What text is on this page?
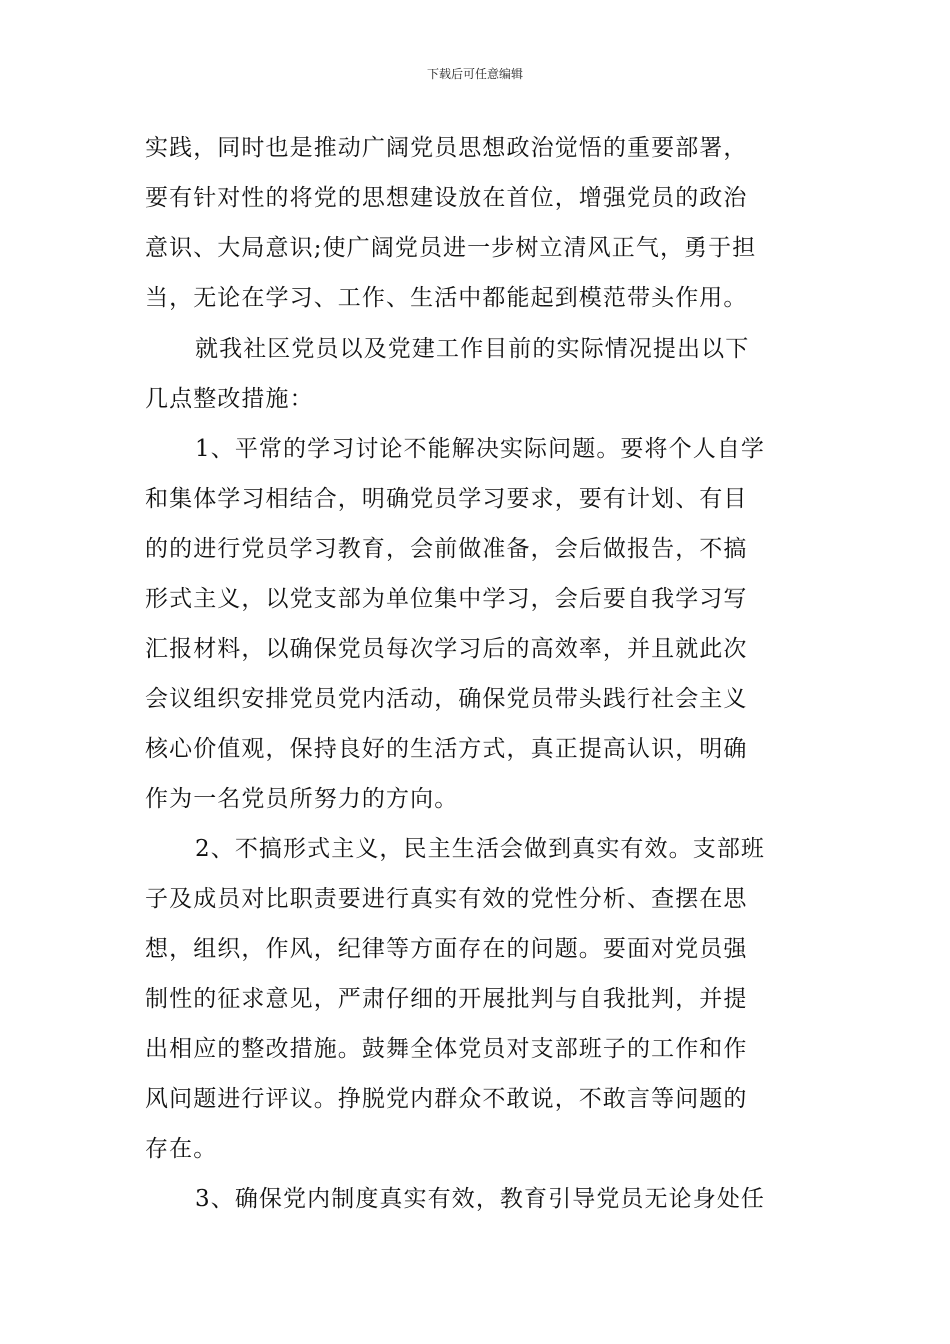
下载后可任意编辑
实践，同时也是推动广阔党员思想政治觉悟的重要部署，
要有针对性的将党的思想建设放在首位，增强党员的政治
意识、大局意识;使广阔党员进一步树立清风正气，勇于担
当，无论在学习、工作、生活中都能起到模范带头作用。
就我社区党员以及党建工作目前的实际情况提出以下
几点整改措施：
1、平常的学习讨论不能解决实际问题。要将个人自学
和集体学习相结合，明确党员学习要求，要有计划、有目
的的进行党员学习教育，会前做准备，会后做报告，不搞
形式主义，以党支部为单位集中学习，会后要自我学习写
汇报材料，以确保党员每次学习后的高效率，并且就此次
会议组织安排党员党内活动，确保党员带头践行社会主义
核心价值观，保持良好的生活方式，真正提高认识，明确
作为一名党员所努力的方向。
2、不搞形式主义，民主生活会做到真实有效。支部班
子及成员对比职责要进行真实有效的党性分析、查摆在思
想，组织，作风，纪律等方面存在的问题。要面对党员强
制性的征求意见，严肃仔细的开展批判与自我批判，并提
出相应的整改措施。鼓舞全体党员对支部班子的工作和作
风问题进行评议。挣脱党内群众不敢说，不敢言等问题的
存在。
3、确保党内制度真实有效，教育引导党员无论身处任
